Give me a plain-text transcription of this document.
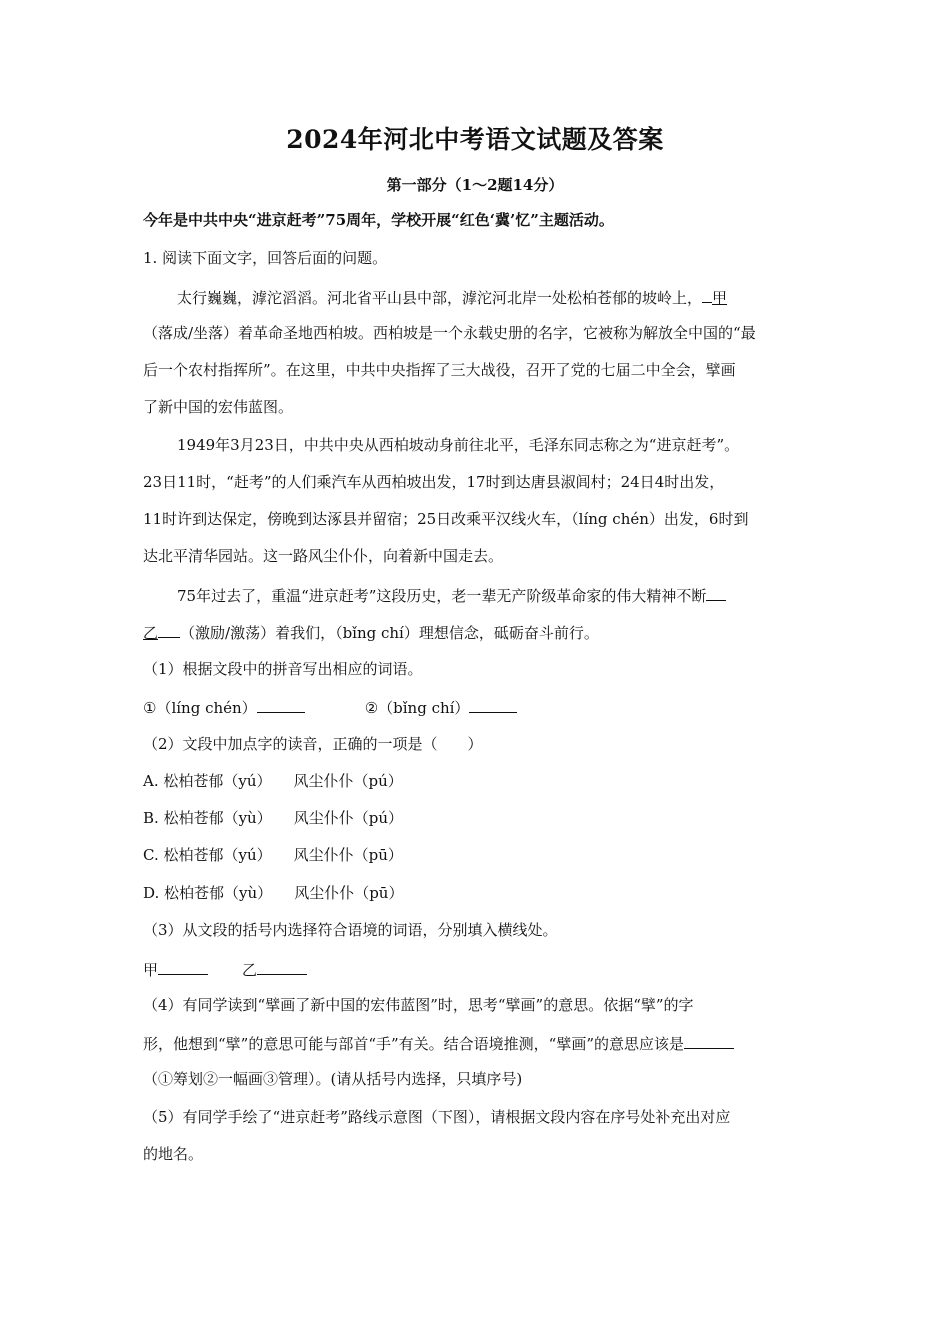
2024年河北中考语文试题及答案
第一部分（1～2题14分）
今年是中共中央“进京赶考”75周年，学校开展“红色‘冀’忆”主题活动。
1. 阅读下面文字，回答后面的问题。
太行巍巍，滹沱滔滔。河北省平山县中部，滹沱河北岸一处松柏苍郁的坡岭上， 甲
（落成/坐落）着革命圣地西柏坡。西柏坡是一个永载史册的名字，它被称为解放全中国的“最
后一个农村指挥所”。在这里，中共中央指挥了三大战役，召开了党的七届二中全会，擘画
了新中国的宏伟蓝图。
1949年3月23日，中共中央从西柏坡动身前往北平，毛泽东同志称之为“进京赶考”。
23日11时，“赶考”的人们乘汽车从西柏坡出发，17时到达唐县淑闾村；24日4时出发，
11时许到达保定，傍晚到达涿县并留宿；25日改乘平汉线火车，（líng chén）出发，6时到
达北平清华园站。这一路风尘仆仆，向着新中国走去。
75年过去了，重温“进京赶考”这段历史，老一辈无产阶级革命家的伟大精神不断
乙 （激励/激荡）着我们，（bǐng chí）理想信念，砥砺奋斗前行。
（1）根据文段中的拼音写出相应的词语。
①（líng chén）	②（bǐng chí）
（2）文段中加点字的读音，正确的一项是（　　）
A. 松柏苍郁（yú） 风尘仆仆（pú）
B. 松柏苍郁（yù） 风尘仆仆（pú）
C. 松柏苍郁（yú） 风尘仆仆（pū）
D. 松柏苍郁（yù） 风尘仆仆（pū）
（3）从文段的括号内选择符合语境的词语，分别填入横线处。
甲	乙
（4）有同学读到“擘画了新中国的宏伟蓝图”时，思考“擘画”的意思。依据“擘”的字
形，他想到“擘”的意思可能与部首“手”有关。结合语境推测，“擘画”的意思应该是
（①筹划②一幅画③管理）。(请从括号内选择，只填序号)
（5）有同学手绘了“进京赶考”路线示意图（下图），请根据文段内容在序号处补充出对应
的地名。
